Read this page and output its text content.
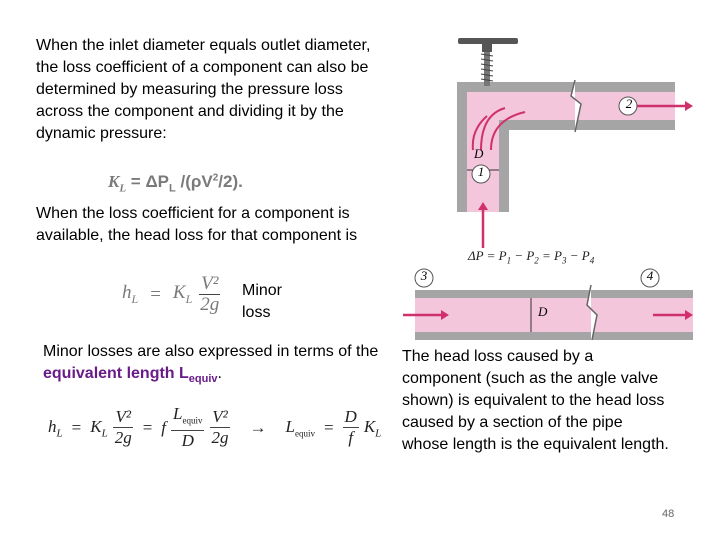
When the inlet diameter equals outlet diameter, the loss coefficient of a component can also be determined by measuring the pressure loss across the component and dividing it by the dynamic pressure:
$K_L = \Delta P_L$ $/(\rho V^2/2)$.
When the loss coefficient for a component is available, the head loss for that component is
$h_L = K_L \frac{\text{V²}}{2g}$ Minor
loss
Minor losses are also expressed in terms of the equivalent length $L_{equiv}$.
$h_L = K_L \frac{\text{V²}}{2g} = f \frac{L_{equiv}}{D} \frac{\text{V²}}{2g} \to L_{equiv} = \frac{D}{f} K_L$
2
1
D
3	4
D
$\Delta P = P_1 - P_2 = P_3 - P_4$
The head loss caused by a component (such as the angle valve shown) is equivalent to the head loss caused by a section of the pipe whose length is the equivalent length.
48
